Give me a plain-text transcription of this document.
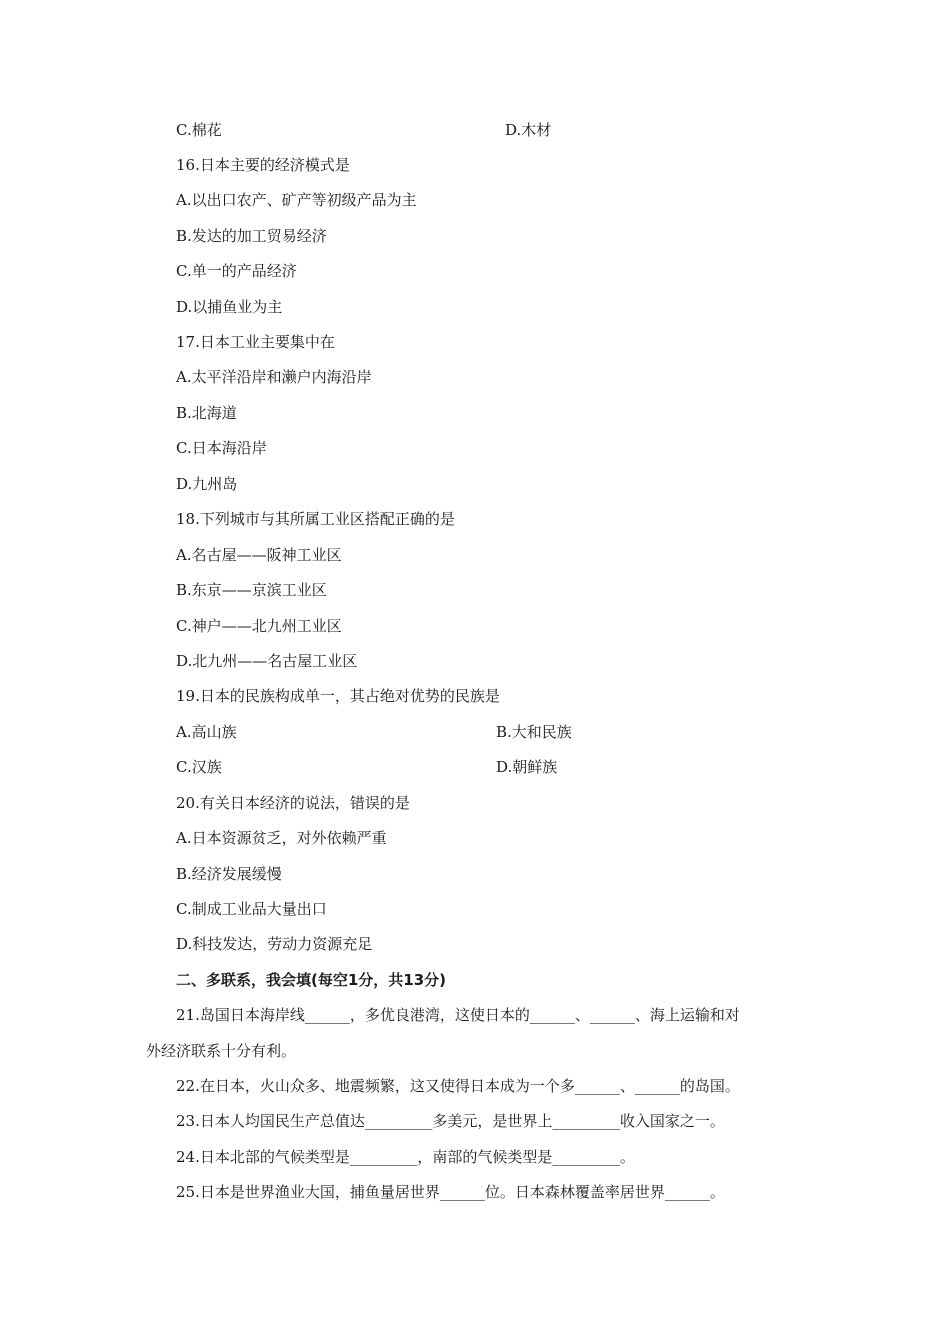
C.棉花	D.木材
16.日本主要的经济模式是
A.以出口农产、矿产等初级产品为主
B.发达的加工贸易经济
C.单一的产品经济
D.以捕鱼业为主
17.日本工业主要集中在
A.太平洋沿岸和濑户内海沿岸
B.北海道
C.日本海沿岸
D.九州岛
18.下列城市与其所属工业区搭配正确的是
A.名古屋——阪神工业区
B.东京——京滨工业区
C.神户——北九州工业区
D.北九州——名古屋工业区
19.日本的民族构成单一，其占绝对优势的民族是
A.高山族	B.大和民族
C.汉族	D.朝鲜族
20.有关日本经济的说法，错误的是
A.日本资源贫乏，对外依赖严重
B.经济发展缓慢
C.制成工业品大量出口
D.科技发达，劳动力资源充足
二、多联系，我会填(每空1分，共13分)
21.岛国日本海岸线______，多优良港湾，这使日本的______、______、海上运输和对
外经济联系十分有利。
22.在日本，火山众多、地震频繁，这又使得日本成为一个多______、______的岛国。
23.日本人均国民生产总值达_________多美元，是世界上_________收入国家之一。
24.日本北部的气候类型是_________，南部的气候类型是_________。
25.日本是世界渔业大国，捕鱼量居世界______位。日本森林覆盖率居世界______。
